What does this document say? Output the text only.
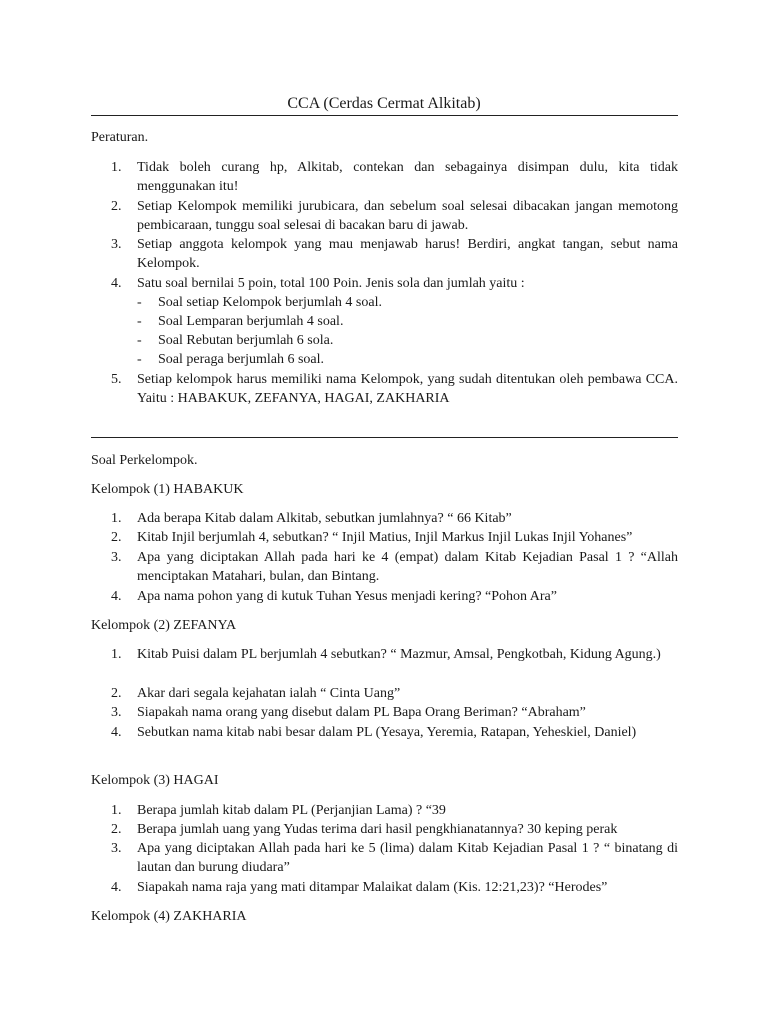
CCA (Cerdas Cermat Alkitab)
Peraturan.
1. Tidak boleh curang hp, Alkitab, contekan dan sebagainya disimpan dulu, kita tidak menggunakan itu!
2. Setiap Kelompok memiliki jurubicara, dan sebelum soal selesai dibacakan jangan memotong pembicaraan, tunggu soal selesai di bacakan baru di jawab.
3. Setiap anggota kelompok yang mau menjawab harus! Berdiri, angkat tangan, sebut nama Kelompok.
4. Satu soal bernilai 5 poin, total 100 Poin. Jenis sola dan jumlah yaitu :
- Soal setiap Kelompok berjumlah 4 soal.
- Soal Lemparan berjumlah 4 soal.
- Soal Rebutan berjumlah 6 sola.
- Soal peraga berjumlah 6 soal.
5. Setiap kelompok harus memiliki nama Kelompok, yang sudah ditentukan oleh pembawa CCA. Yaitu : HABAKUK, ZEFANYA, HAGAI, ZAKHARIA
Soal Perkelompok.
Kelompok (1) HABAKUK
1. Ada berapa Kitab dalam Alkitab, sebutkan jumlahnya? “ 66 Kitab”
2. Kitab Injil berjumlah 4, sebutkan? “ Injil Matius, Injil Markus Injil Lukas Injil Yohanes”
3. Apa yang diciptakan Allah pada hari ke 4 (empat) dalam Kitab Kejadian Pasal 1 ? “Allah menciptakan Matahari, bulan, dan Bintang.
4. Apa nama pohon yang di kutuk Tuhan Yesus menjadi kering? “Pohon Ara”
Kelompok (2) ZEFANYA
1. Kitab Puisi dalam PL berjumlah 4 sebutkan? “ Mazmur, Amsal, Pengkotbah, Kidung Agung.)
2. Akar dari segala kejahatan ialah “ Cinta Uang”
3. Siapakah nama orang yang disebut dalam PL Bapa Orang Beriman? “Abraham”
4. Sebutkan nama kitab nabi besar dalam PL (Yesaya, Yeremia, Ratapan, Yeheskiel, Daniel)
Kelompok (3) HAGAI
1. Berapa jumlah kitab dalam PL (Perjanjian Lama) ? “39
2. Berapa jumlah uang yang Yudas terima dari hasil pengkhianatannya? 30 keping perak
3. Apa yang diciptakan Allah pada hari ke 5 (lima) dalam Kitab Kejadian Pasal 1 ? “ binatang di lautan dan burung diudara”
4. Siapakah nama raja yang mati ditampar Malaikat dalam (Kis. 12:21,23)? “Herodes”
Kelompok (4) ZAKHARIA
